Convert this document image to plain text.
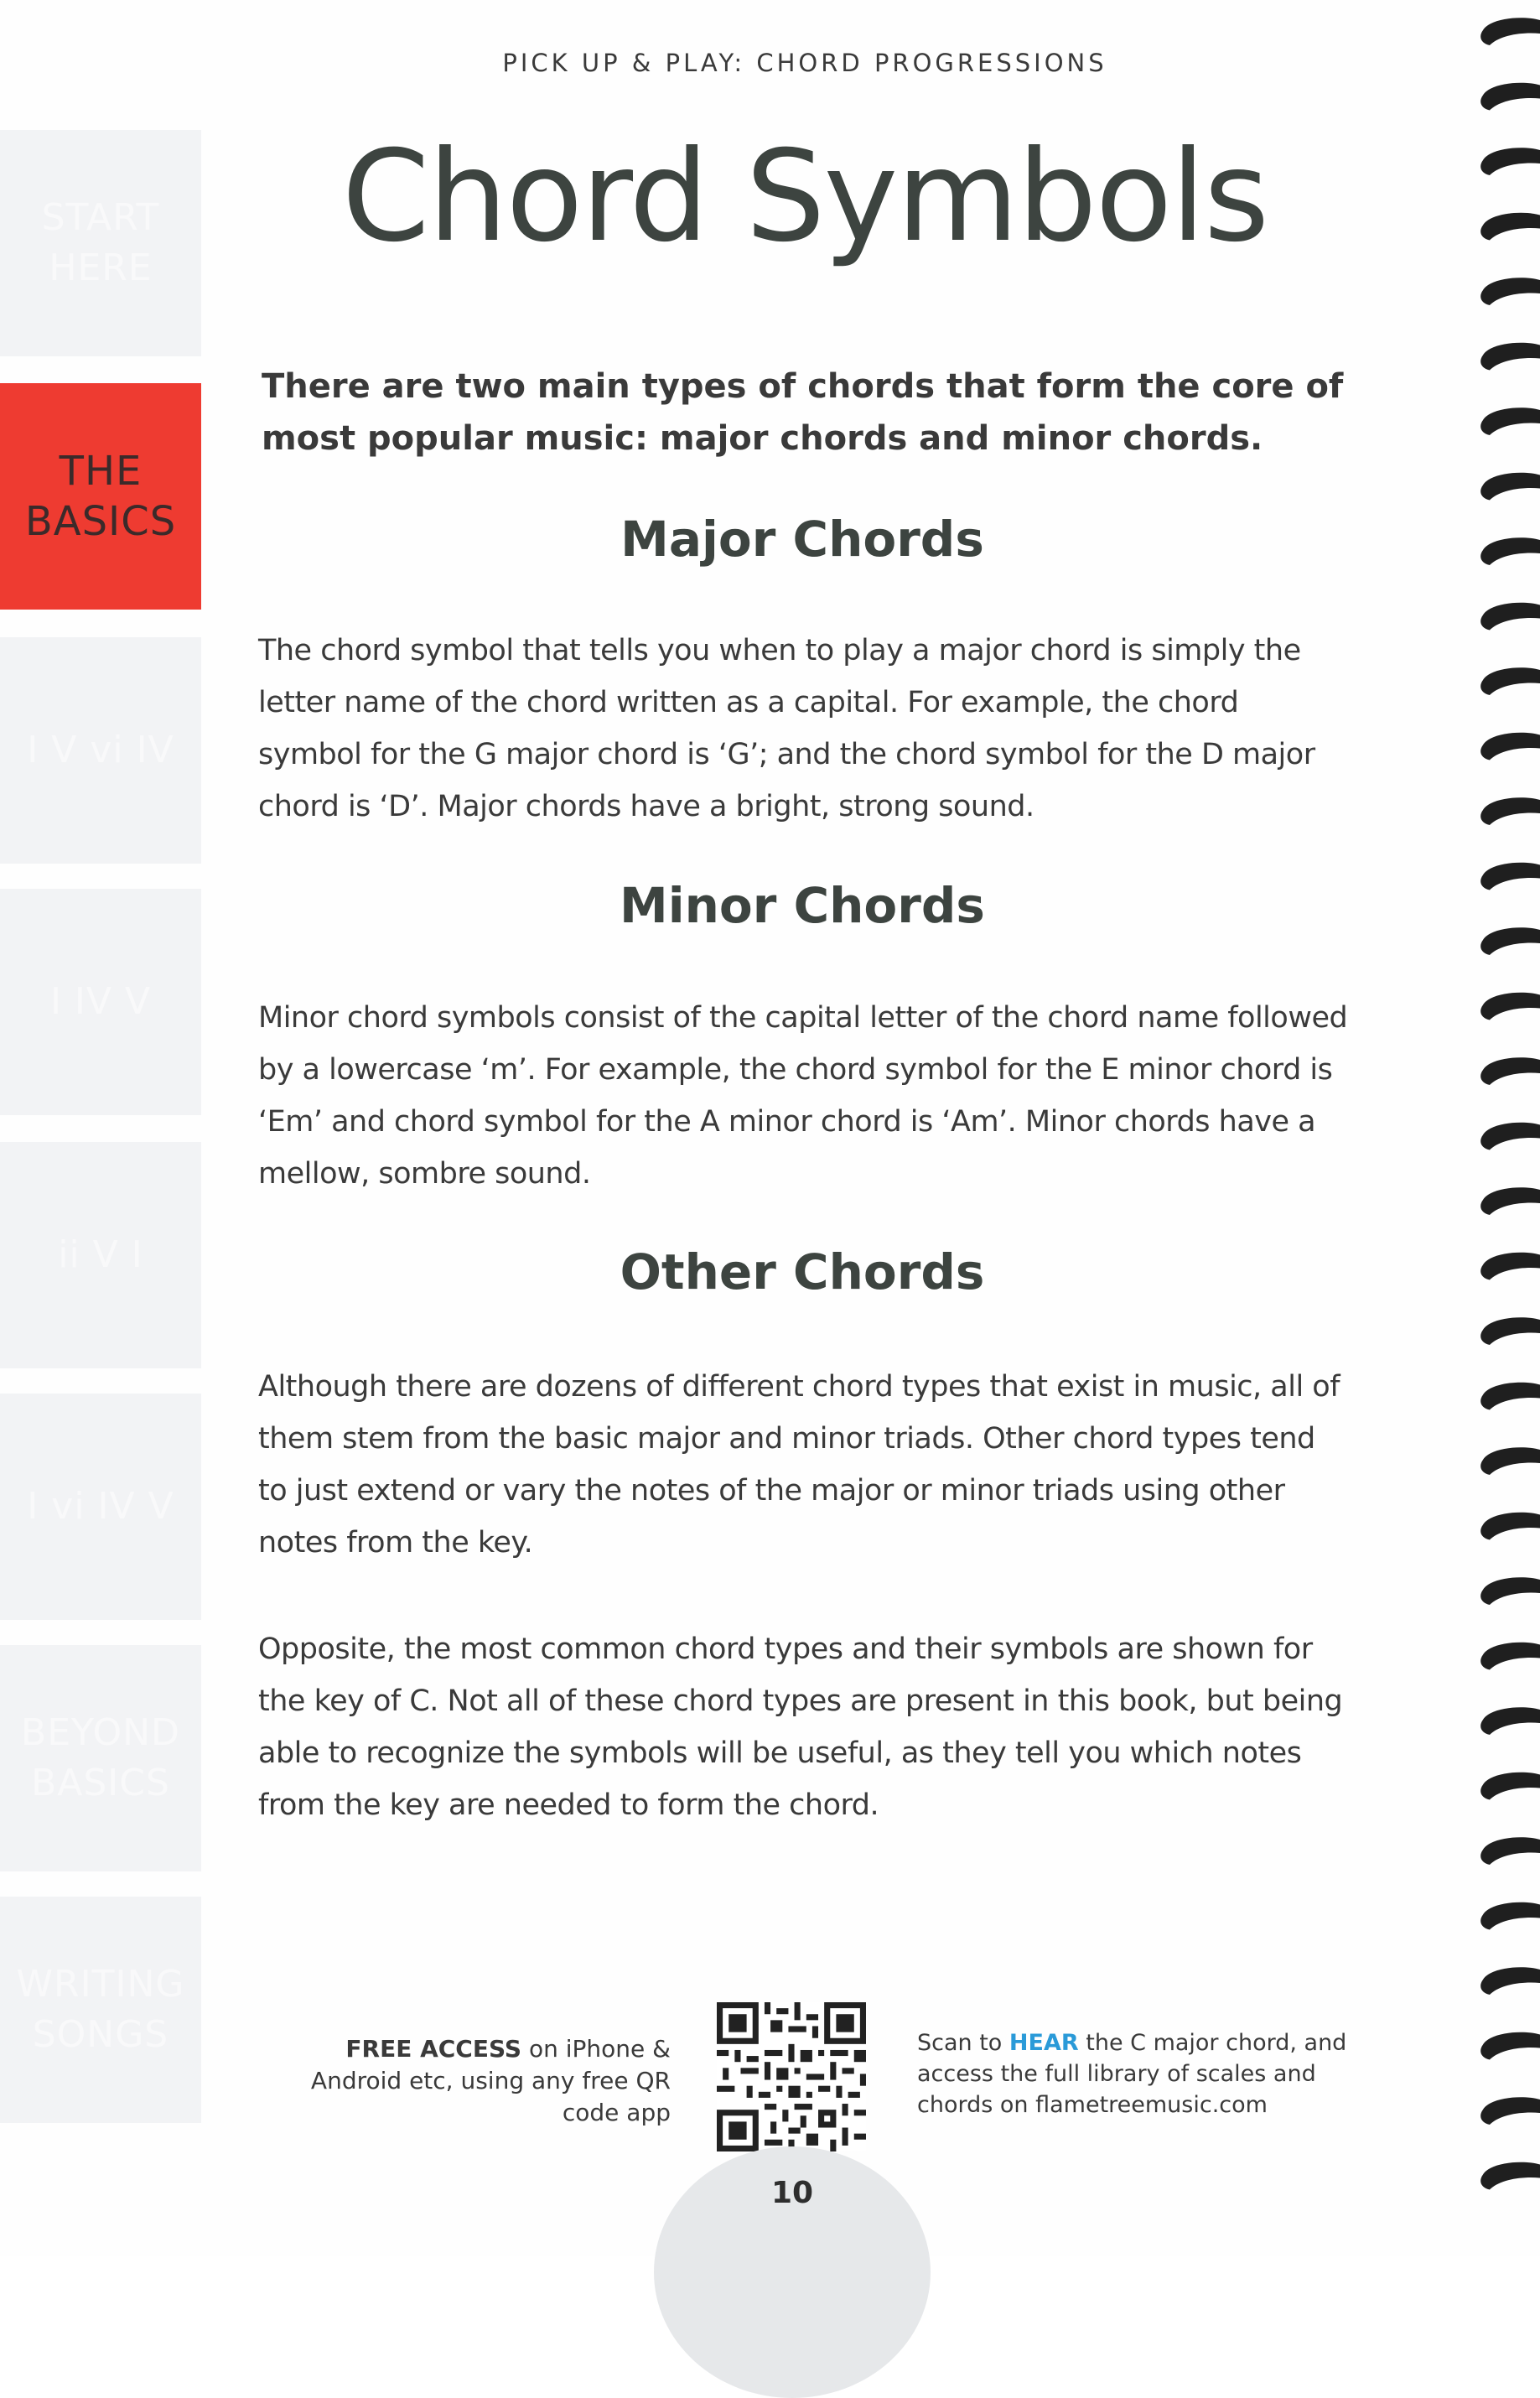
START
HERE
THE
BASICS
I V vi IV
I IV V
ii V I
I vi IV V
BEYOND
BASICS
WRITING
SONGS
PICK UP & PLAY: CHORD PROGRESSIONS
Chord Symbols

There are two main types of chords that form the core of most popular music: major chords and minor chords.

Major Chords

The chord symbol that tells you when to play a major chord is simply the letter name of the chord written as a capital. For example, the chord symbol for the G major chord is ‘G’; and the chord symbol for the D major chord is ‘D’. Major chords have a bright, strong sound.

Minor Chords

Minor chord symbols consist of the capital letter of the chord name followed by a lowercase ‘m’. For example, the chord symbol for the E minor chord is ‘Em’ and chord symbol for the A minor chord is ‘Am’. Minor chords have a mellow, sombre sound.

Other Chords

Although there are dozens of different chord types that exist in music, all of them stem from the basic major and minor triads. Other chord types tend to just extend or vary the notes of the major or minor triads using other notes from the key.

Opposite, the most common chord types and their symbols are shown for the key of C. Not all of these chord types are present in this book, but being able to recognize the symbols will be useful, as they tell you which notes from the key are needed to form the chord.

FREE ACCESS on iPhone & Android etc, using any free QR code app
Scan to HEAR the C major chord, and access the full library of scales and chords on flametreemusic.com
10
